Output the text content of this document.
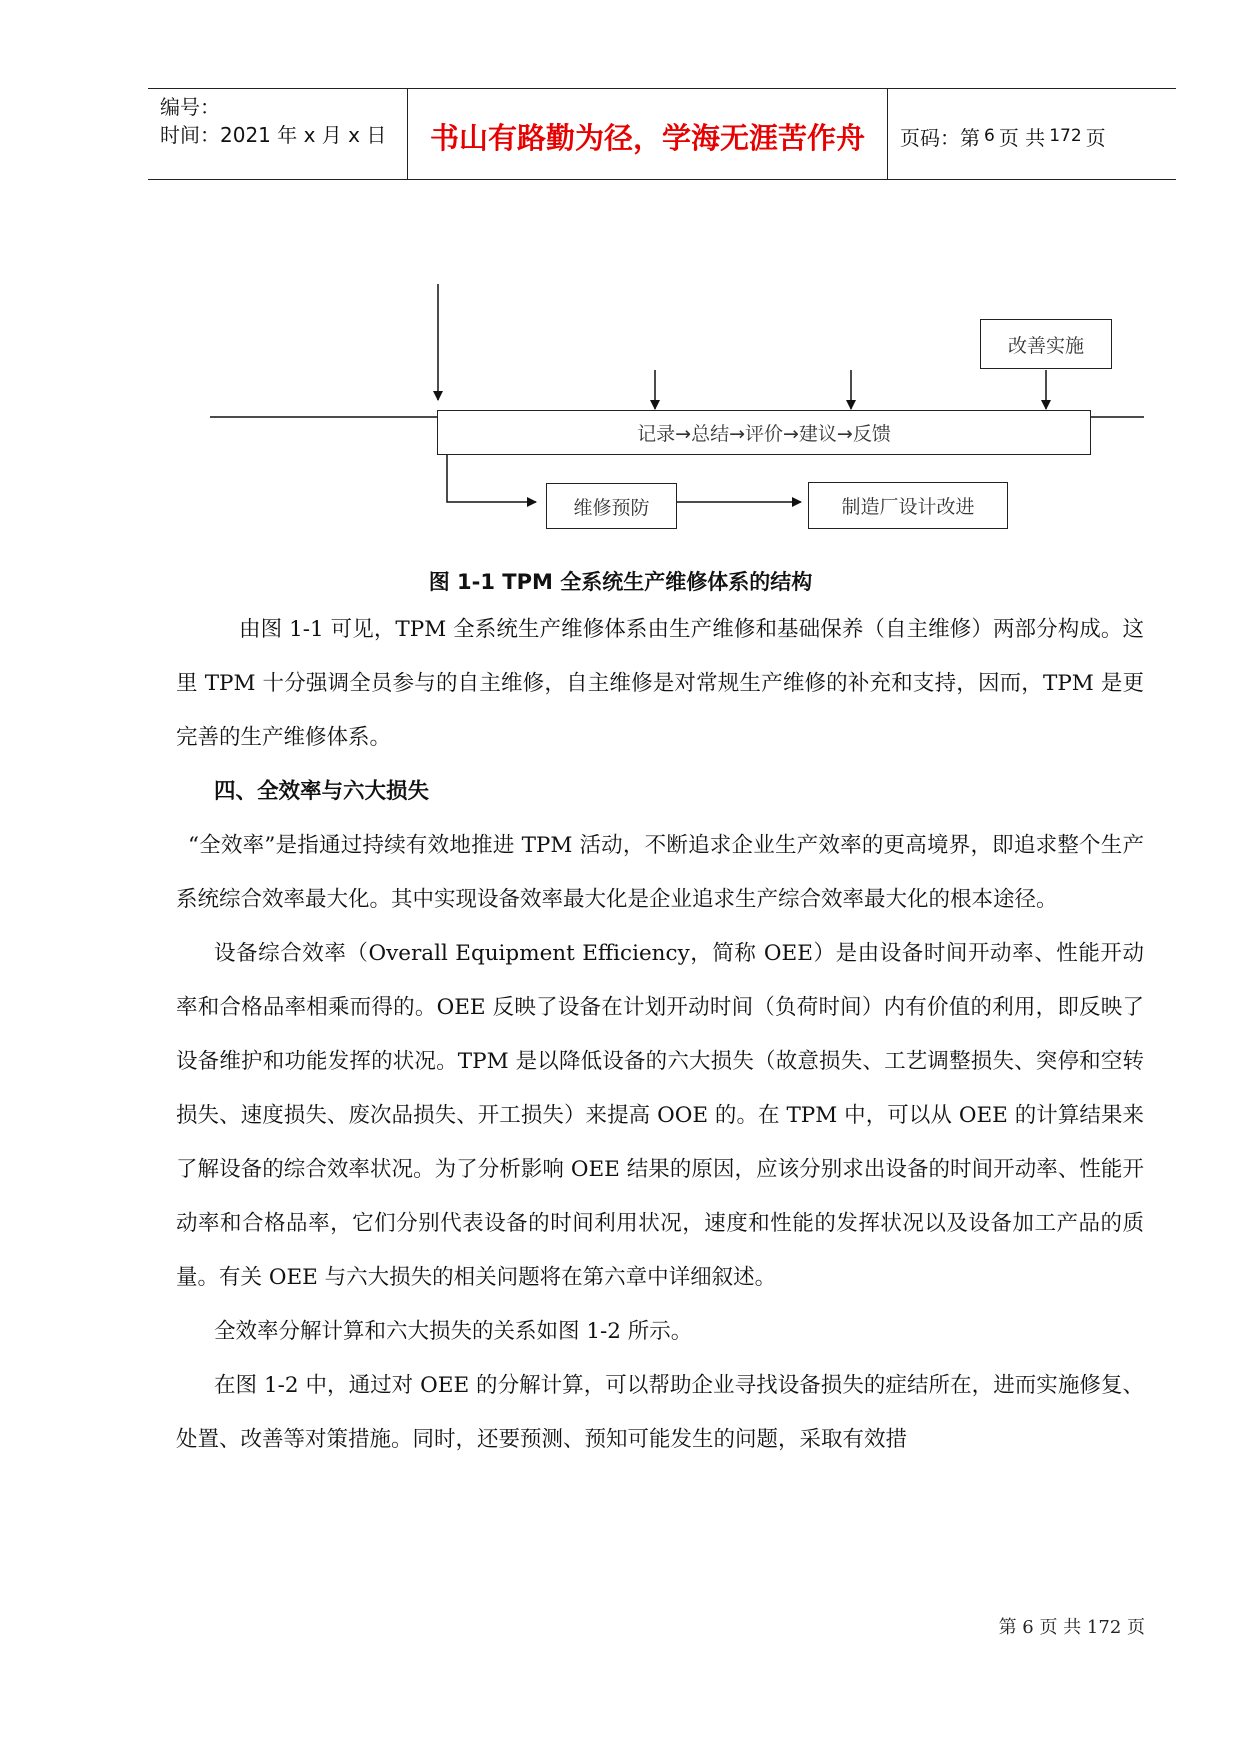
编号：
时间：2021 年 x 月 x 日	书山有路勤为径，学海无涯苦作舟	页码：第 6 页 共 172 页
改善实施
记录→总结→评价→建议→反馈
维修预防	制造厂设计改进
图 1-1 TPM 全系统生产维修体系的结构

由图 1-1 可见，TPM 全系统生产维修体系由生产维修和基础保养（自主维修）两部分构成。这里 TPM 十分强调全员参与的自主维修，自主维修是对常规生产维修的补充和支持，因而，TPM 是更完善的生产维修体系。

四、全效率与六大损失

“全效率”是指通过持续有效地推进 TPM 活动，不断追求企业生产效率的更高境界，即追求整个生产系统综合效率最大化。其中实现设备效率最大化是企业追求生产综合效率最大化的根本途径。

设备综合效率（Overall Equipment Efficiency，简称 OEE）是由设备时间开动率、性能开动率和合格品率相乘而得的。OEE 反映了设备在计划开动时间（负荷时间）内有价值的利用，即反映了设备维护和功能发挥的状况。TPM 是以降低设备的六大损失（故意损失、工艺调整损失、突停和空转损失、速度损失、废次品损失、开工损失）来提高 OOE 的。在 TPM 中，可以从 OEE 的计算结果来了解设备的综合效率状况。为了分析影响 OEE 结果的原因，应该分别求出设备的时间开动率、性能开动率和合格品率，它们分别代表设备的时间利用状况，速度和性能的发挥状况以及设备加工产品的质量。有关 OEE 与六大损失的相关问题将在第六章中详细叙述。

全效率分解计算和六大损失的关系如图 1-2 所示。

在图 1-2 中，通过对 OEE 的分解计算，可以帮助企业寻找设备损失的症结所在，进而实施修复、处置、改善等对策措施。同时，还要预测、预知可能发生的问题，采取有效措

第 6 页 共 172 页
